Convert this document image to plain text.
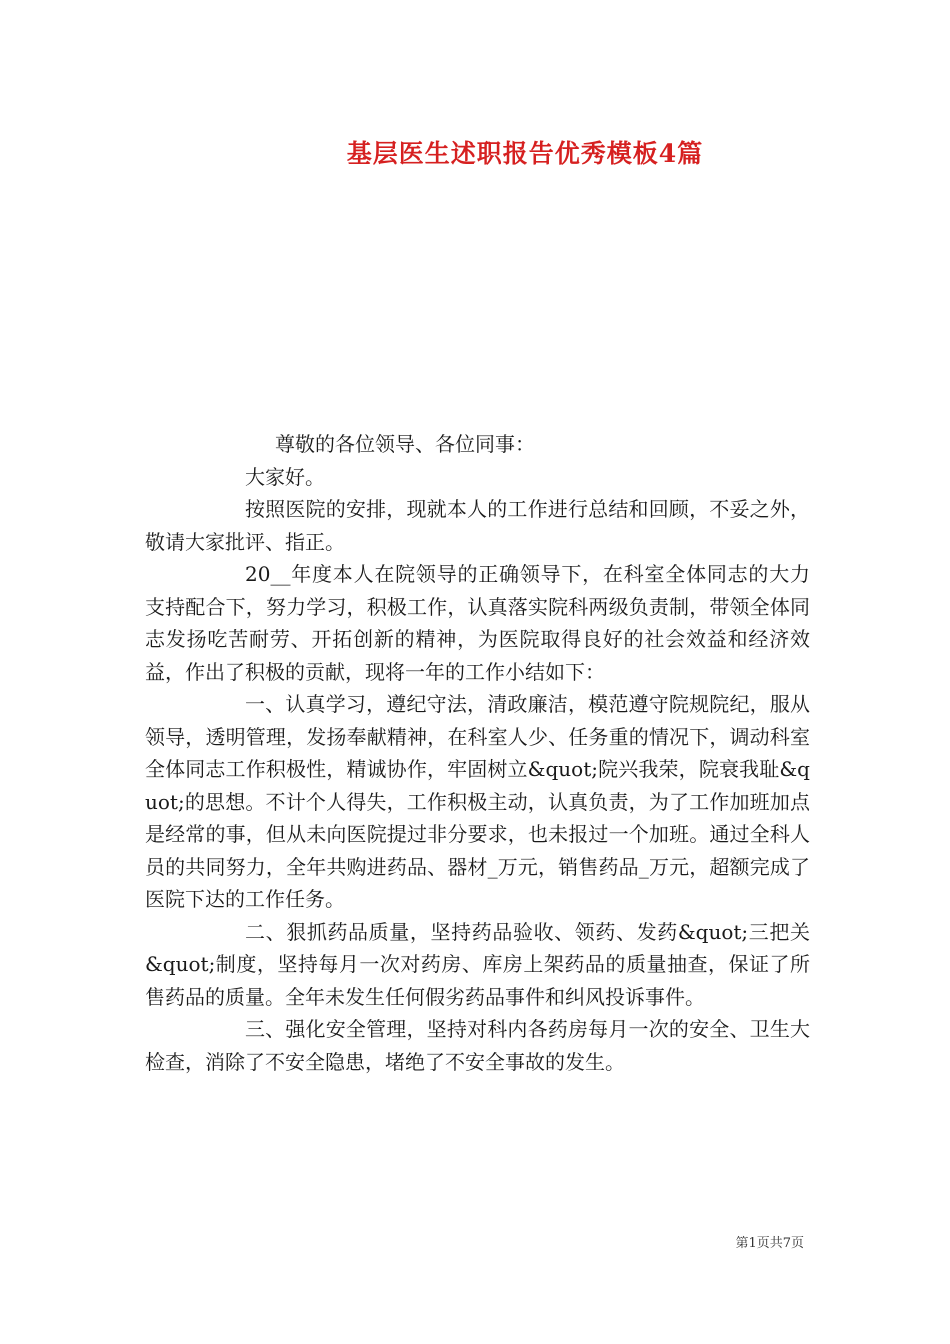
基层医生述职报告优秀模板4篇

尊敬的各位领导、各位同事：

大家好。

按照医院的安排，现就本人的工作进行总结和回顾，不妥之外，敬请大家批评、指正。

20__年度本人在院领导的正确领导下，在科室全体同志的大力支持配合下，努力学习，积极工作，认真落实院科两级负责制，带领全体同志发扬吃苦耐劳、开拓创新的精神，为医院取得良好的社会效益和经济效益，作出了积极的贡献，现将一年的工作小结如下：

一、认真学习，遵纪守法，清政廉洁，模范遵守院规院纪，服从领导，透明管理，发扬奉献精神，在科室人少、任务重的情况下，调动科室全体同志工作积极性，精诚协作，牢固树立&quot;院兴我荣，院衰我耻&quot;的思想。不计个人得失，工作积极主动，认真负责，为了工作加班加点是经常的事，但从未向医院提过非分要求，也未报过一个加班。通过全科人员的共同努力，全年共购进药品、器材_万元，销售药品_万元，超额完成了医院下达的工作任务。

二、狠抓药品质量，坚持药品验收、领药、发药&quot;三把关&quot;制度，坚持每月一次对药房、库房上架药品的质量抽查，保证了所售药品的质量。全年未发生任何假劣药品事件和纠风投诉事件。

三、强化安全管理，坚持对科内各药房每月一次的安全、卫生大检查，消除了不安全隐患，堵绝了不安全事故的发生。

第1页共7页
